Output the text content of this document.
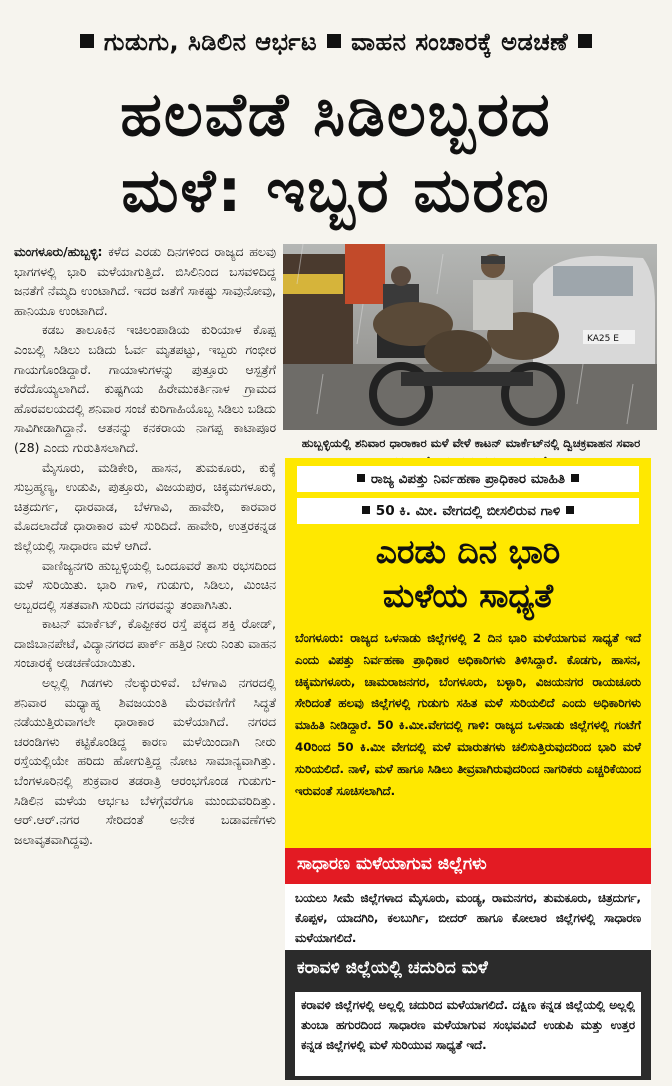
ಗುಡುಗು, ಸಿಡಿಲಿನ ಆರ್ಭಟ ವಾಹನ ಸಂಚಾರಕ್ಕೆ ಅಡಚಣೆ
ಹಲವೆಡೆ ಸಿಡಿಲಬ್ಬರದ
ಮಳೆ: ಇಬ್ಬರ ಮರಣ

ಮಂಗಳೂರು/ಹುಬ್ಬಳ್ಳಿ: ಕಳೆದ ಎರಡು ದಿನಗಳಿಂದ ರಾಜ್ಯದ ಹಲವು ಭಾಗಗಳಲ್ಲಿ ಭಾರಿ ಮಳೆಯಾಗುತ್ತಿದೆ. ಬಿಸಿಲಿನಿಂದ ಬಸವಳಿದಿದ್ದ ಜನತೆಗೆ ನೆಮ್ಮದಿ ಉಂಟಾಗಿದೆ. ಇದರ ಜತೆಗೆ ಸಾಕಷ್ಟು ಸಾವುನೋವು, ಹಾನಿಯೂ ಉಂಟಾಗಿದೆ.

ಕಡಬ ತಾಲೂಕಿನ ಇಚಿಲಂಪಾಡಿಯ ಕುರಿಯಾಳ ಕೊಪ್ಪ ಎಂಬಲ್ಲಿ ಸಿಡಿಲು ಬಡಿದು ಓರ್ವ ಮೃತಪಟ್ಟು, ಇಬ್ಬರು ಗಂಭೀರ ಗಾಯಗೊಂಡಿದ್ದಾರೆ. ಗಾಯಾಳುಗಳನ್ನು ಪುತ್ತೂರು ಆಸ್ಪತ್ರೆಗೆ ಕರೆದೊಯ್ಯಲಾಗಿದೆ. ಕುಷ್ಟಗಿಯ ಹಿರೇಮುಕರ್ತಿನಾಳ ಗ್ರಾಮದ ಹೊರವಲಯದಲ್ಲಿ ಶನಿವಾರ ಸಂಜೆ ಕುರಿಗಾಹಿಯೊಬ್ಬ ಸಿಡಿಲು ಬಡಿದು ಸಾವಿಗೀಡಾಗಿದ್ದಾನೆ. ಆತನನ್ನು ಕನಕರಾಯ ನಾಗಪ್ಪ ಕಾಟಾಪೂರ (28) ಎಂದು ಗುರುತಿಸಲಾಗಿದೆ.

ಮೈಸೂರು, ಮಡಿಕೇರಿ, ಹಾಸನ, ತುಮಕೂರು, ಕುಕ್ಕೆ ಸುಬ್ರಹ್ಮಣ್ಯ, ಉಡುಪಿ, ಪುತ್ತೂರು, ವಿಜಯಪುರ, ಚಿಕ್ಕಮಗಳೂರು, ಚಿತ್ರದುರ್ಗ, ಧಾರವಾಡ, ಬೆಳಗಾವಿ, ಹಾವೇರಿ, ಕಾರವಾರ ಮೊದಲಾದೆಡೆ ಧಾರಾಕಾರ ಮಳೆ ಸುರಿದಿದೆ. ಹಾವೇರಿ, ಉತ್ತರಕನ್ನಡ ಜಿಲ್ಲೆಯಲ್ಲಿ ಸಾಧಾರಣ ಮಳೆ ಆಗಿದೆ.

ವಾಣಿಜ್ಯನಗರಿ ಹುಬ್ಬಳ್ಳಿಯಲ್ಲಿ ಒಂದೂವರೆ ತಾಸು ರಭಸದಿಂದ ಮಳೆ ಸುರಿಯಿತು. ಭಾರಿ ಗಾಳಿ, ಗುಡುಗು, ಸಿಡಿಲು, ಮಿಂಚಿನ ಅಬ್ಬರದಲ್ಲಿ ಸತತವಾಗಿ ಸುರಿದು ನಗರವನ್ನು ತಂಪಾಗಿಸಿತು.

ಕಾಟನ್ ಮಾರ್ಕೆಟ್, ಕೊಪ್ಪೀಕರ ರಸ್ತೆ ಪಕ್ಕದ ಶಕ್ತಿ ರೋಡ್, ದಾಜಿಬಾನಪೇಟೆ, ವಿದ್ಯಾನಗರದ ಪಾರ್ಕ್ ಹತ್ತಿರ ನೀರು ನಿಂತು ವಾಹನ ಸಂಚಾರಕ್ಕೆ ಅಡಚಣೆಯಾಯಿತು.

ಅಲ್ಲಲ್ಲಿ ಗಿಡಗಳು ನೆಲಕ್ಕುರುಳಿವೆ. ಬೆಳಗಾವಿ ನಗರದಲ್ಲಿ ಶನಿವಾರ ಮಧ್ಯಾಹ್ನ ಶಿವಜಯಂತಿ ಮೆರವಣಿಗೆಗೆ ಸಿದ್ಧತೆ ನಡೆಯುತ್ತಿರುವಾಗಲೇ ಧಾರಾಕಾರ ಮಳೆಯಾಗಿದೆ. ನಗರದ ಚರಂಡಿಗಳು ಕಟ್ಟಿಕೊಂಡಿದ್ದ ಕಾರಣ ಮಳೆಯಿಂದಾಗಿ ನೀರು ರಸ್ತೆಯಲ್ಲಿಯೇ ಹರಿದು ಹೋಗುತ್ತಿದ್ದ ನೋಟ ಸಾಮಾನ್ಯವಾಗಿತ್ತು. ಬೆಂಗಳೂರಿನಲ್ಲಿ ಶುಕ್ರವಾರ ತಡರಾತ್ರಿ ಆರಂಭಗೊಂಡ ಗುಡುಗು-ಸಿಡಿಲಿನ ಮಳೆಯ ಆರ್ಭಟ ಬೆಳಗ್ಗೆವರೆಗೂ ಮುಂದುವರಿದಿತ್ತು. ಆರ್.ಆರ್.ನಗರ ಸೇರಿದಂತೆ ಅನೇಕ ಬಡಾವಣೆಗಳು ಜಲಾವೃತವಾಗಿದ್ದವು.

KA25 E
ಹುಬ್ಬಳ್ಳಿಯಲ್ಲಿ ಶನಿವಾರ ಧಾರಾಕಾರ ಮಳೆ ವೇಳೆ ಕಾಟನ್ ಮಾರ್ಕೆಟ್‌ನಲ್ಲಿ ದ್ವಿಚಕ್ರವಾಹನ ಸವಾರ
ರಾಜ್ಯ ವಿಪತ್ತು ನಿರ್ವಹಣಾ ಪ್ರಾಧಿಕಾರ ಮಾಹಿತಿ
50 ಕಿ. ಮೀ. ವೇಗದಲ್ಲಿ ಬೀಸಲಿರುವ ಗಾಳಿ
ಎರಡು ದಿನ ಭಾರಿ
ಮಳೆಯ ಸಾಧ್ಯತೆ
ಬೆಂಗಳೂರು: ರಾಜ್ಯದ ಒಳನಾಡು ಜಿಲ್ಲೆಗಳಲ್ಲಿ 2 ದಿನ ಭಾರಿ ಮಳೆಯಾಗುವ ಸಾಧ್ಯತೆ ಇದೆ ಎಂದು ವಿಪತ್ತು ನಿರ್ವಹಣಾ ಪ್ರಾಧಿಕಾರ ಅಧಿಕಾರಿಗಳು ತಿಳಿಸಿದ್ದಾರೆ. ಕೊಡಗು, ಹಾಸನ, ಚಿಕ್ಕಮಗಳೂರು, ಚಾಮರಾಜನಗರ, ಬೆಂಗಳೂರು, ಬಳ್ಳಾರಿ, ವಿಜಯನಗರ ರಾಯಚೂರು ಸೇರಿದಂತೆ ಹಲವು ಜಿಲ್ಲೆಗಳಲ್ಲಿ ಗುಡುಗು ಸಹಿತ ಮಳೆ ಸುರಿಯಲಿದೆ ಎಂದು ಅಧಿಕಾರಿಗಳು ಮಾಹಿತಿ ನೀಡಿದ್ದಾರೆ. 50 ಕಿ.ಮೀ.ವೇಗದಲ್ಲಿ ಗಾಳಿ: ರಾಜ್ಯದ ಒಳನಾಡು ಜಿಲ್ಲೆಗಳಲ್ಲಿ ಗಂಟೆಗೆ 40ರಿಂದ 50 ಕಿ.ಮೀ ವೇಗದಲ್ಲಿ ಮಳೆ ಮಾರುತಗಳು ಚಲಿಸುತ್ತಿರುವುದರಿಂದ ಭಾರಿ ಮಳೆ ಸುರಿಯಲಿದೆ. ನಾಳೆ, ಮಳೆ ಹಾಗೂ ಸಿಡಿಲು ತೀವ್ರವಾಗಿರುವುದರಿಂದ ನಾಗರಿಕರು ಎಚ್ಚರಿಕೆಯಿಂದ ಇರುವಂತೆ ಸೂಚಿಸಲಾಗಿದೆ.
ಸಾಧಾರಣ ಮಳೆಯಾಗುವ ಜಿಲ್ಲೆಗಳು
ಬಯಲು ಸೀಮೆ ಜಿಲ್ಲೆಗಳಾದ ಮೈಸೂರು, ಮಂಡ್ಯ, ರಾಮನಗರ, ತುಮಕೂರು, ಚಿತ್ರದುರ್ಗ, ಕೊಪ್ಪಳ, ಯಾದಗಿರಿ, ಕಲಬುರ್ಗಿ, ಬೀದರ್ ಹಾಗೂ ಕೋಲಾರ ಜಿಲ್ಲೆಗಳಲ್ಲಿ ಸಾಧಾರಣ ಮಳೆಯಾಗಲಿದೆ.
ಕರಾವಳಿ ಜಿಲ್ಲೆಯಲ್ಲಿ ಚದುರಿದ ಮಳೆ
ಕರಾವಳಿ ಜಿಲ್ಲೆಗಳಲ್ಲಿ ಅಲ್ಲಲ್ಲಿ ಚದುರಿದ ಮಳೆಯಾಗಲಿದೆ. ದಕ್ಷಿಣ ಕನ್ನಡ ಜಿಲ್ಲೆಯಲ್ಲಿ ಅಲ್ಲಲ್ಲಿ ತುಂಬಾ ಹಗುರದಿಂದ ಸಾಧಾರಣ ಮಳೆಯಾಗುವ ಸಂಭವವಿದೆ ಉಡುಪಿ ಮತ್ತು ಉತ್ತರ ಕನ್ನಡ ಜಿಲ್ಲೆಗಳಲ್ಲಿ ಮಳೆ ಸುರಿಯುವ ಸಾಧ್ಯತೆ ಇದೆ.
